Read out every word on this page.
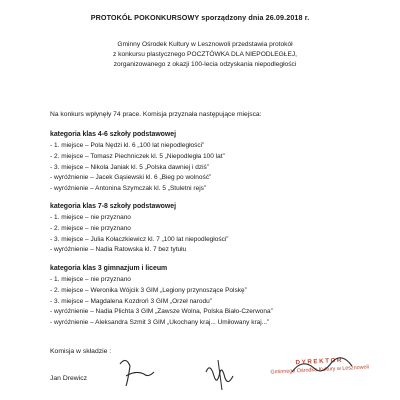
PROTOKÓŁ POKONKURSOWY sporządzony dnia 26.09.2018 r.
Gminny Ośrodek Kultury w Lesznowoli przedstawia protokół
z konkursu plastycznego POCZTÓWKA DLA NIEPODLEGŁEJ,
zorganizowanego z okazji 100-lecia odzyskania niepodległości
Na konkurs wpłynęły 74 prace. Komisja przyznała następujące miejsca:
kategoria klas 4-6 szkoły podstawowej
- 1. miejsce – Pola Nędzi kl. 6 „100 lat niepodległości”
- 2. miejsce – Tomasz Piechniczek kl. 5 „Niepodległa 100 lat”
- 3. miejsce – Nikola Janiak kl. 5 „Polska dawniej i dziś”
- wyróżnienie – Jacek Gąsiewski kl. 6 „Bieg po wolność”
- wyróżnienie – Antonina Szymczak kl. 5 „Stuletni rejs”
kategoria klas 7-8 szkoły podstawowej
- 1. miejsce – nie przyznano
- 2. miejsce – nie przyznano
- 3. miejsce – Julia Kołaczkiewicz kl. 7 „100 lat niepodległości”
- wyróżnienie – Nadia Ratowska kl. 7 bez tytułu
kategoria klas 3 gimnazjum i liceum
- 1. miejsce – nie przyznano
- 2. miejsce – Weronika Wójcik 3 GIM „Legiony przynoszące Polskę”
- 3. miejsce – Magdalena Kozdroń 3 GIM „Orzeł narodu”
- wyróżnienie – Nadia Plichta 3 GIM „Zawsze Wolna, Polska Biało-Czerwona”
- wyróżnienie – Aleksandra Szmit 3 GIM „Ukochany kraj... Umiłowany kraj...”
Komisja w składzie :
Jan Drewicz
DYREKTOR
Gminnego Ośrodka Kultury w Lesznowoli
